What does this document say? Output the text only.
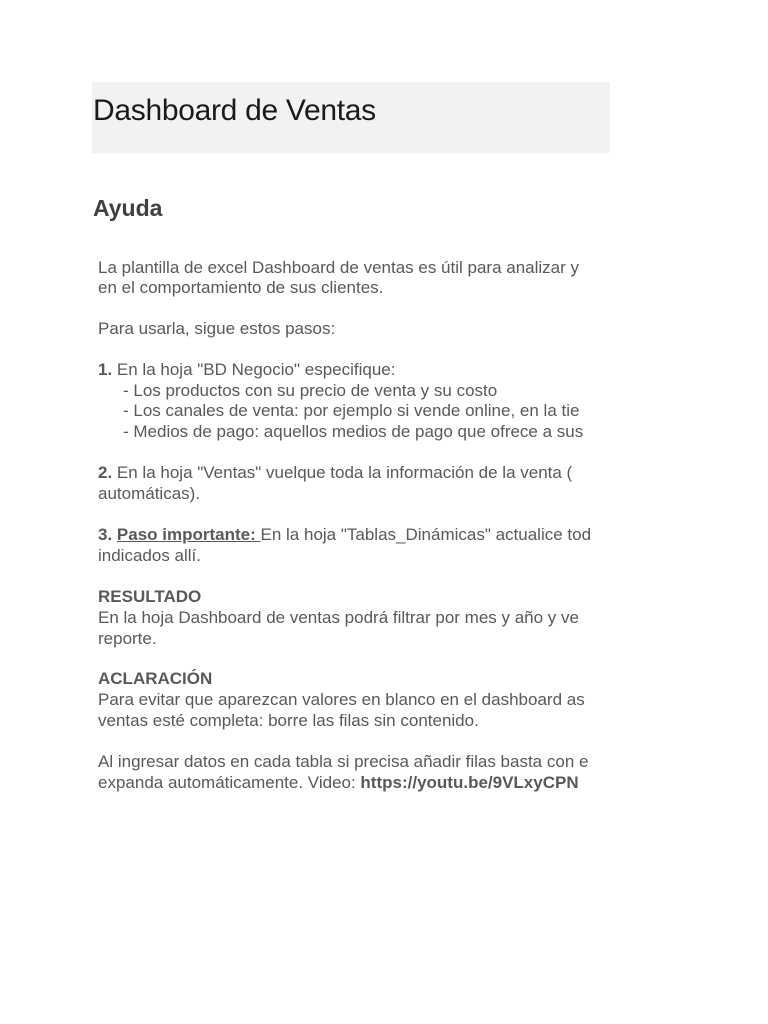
Dashboard de Ventas
Ayuda
La plantilla de excel Dashboard de ventas es útil para analizar y
en el comportamiento de sus clientes.
Para usarla, sigue estos pasos:
1. En la hoja "BD Negocio" especifique:
- Los productos con su precio de venta y su costo
- Los canales de venta: por ejemplo si vende online, en la tie
- Medios de pago: aquellos medios de pago que ofrece a sus
2. En la hoja "Ventas" vuelque toda la información de la venta (
automáticas).
3. Paso importante: En la hoja "Tablas_Dinámicas" actualice tod
indicados allí.
RESULTADO
En la hoja Dashboard de ventas podrá filtrar por mes y año y ve
reporte.
ACLARACIÓN
Para evitar que aparezcan valores en blanco en el dashboard as
ventas esté completa: borre las filas sin contenido.
Al ingresar datos en cada tabla si precisa añadir filas basta con e
expanda automáticamente. Video: https://youtu.be/9VLxyCPN
